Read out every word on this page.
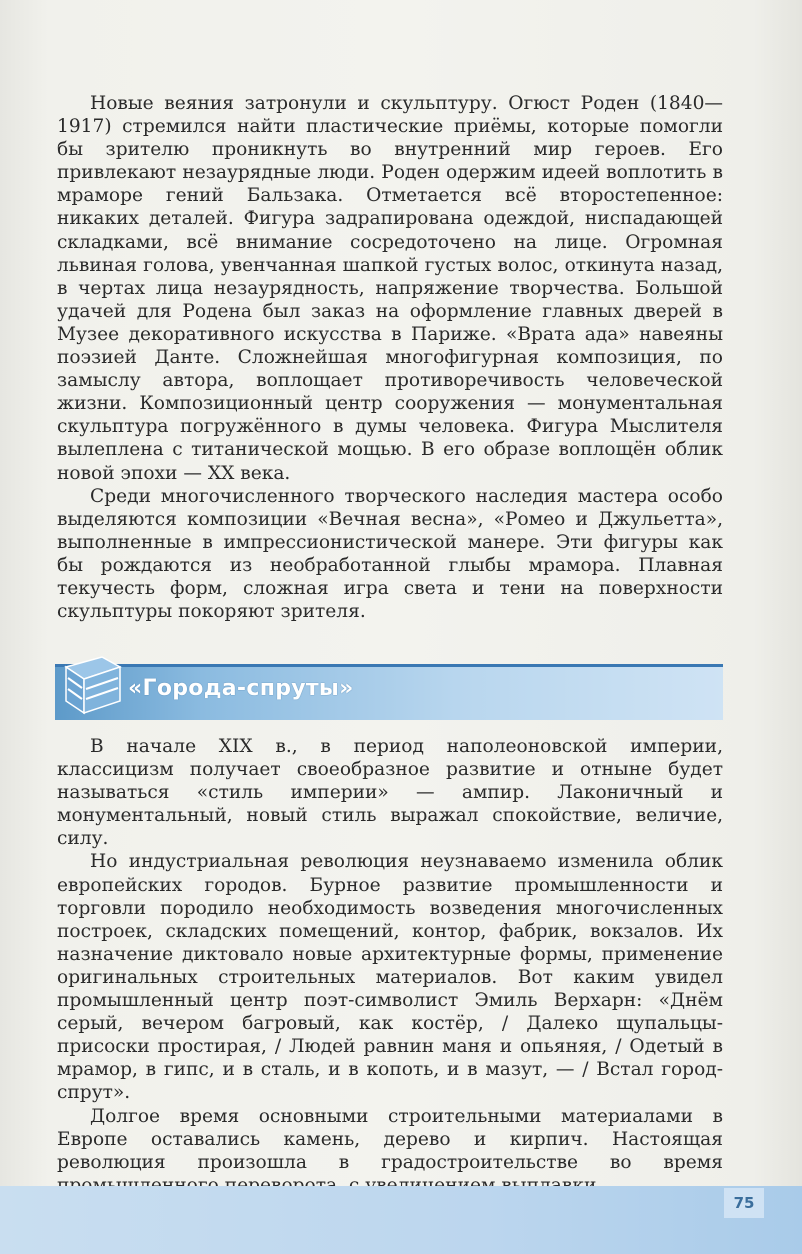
Новые веяния затронули и скульптуру. Огюст Роден (1840—1917) стремился найти пластические приёмы, которые помогли бы зрителю проникнуть во внутренний мир героев. Его привлекают незаурядные люди. Роден одержим идеей воплотить в мраморе гений Бальзака. Отметается всё второстепенное: никаких деталей. Фигура задрапирована одеждой, ниспадающей складками, всё внимание сосредоточено на лице. Огромная львиная голова, увенчанная шапкой густых волос, откинута назад, в чертах лица незаурядность, напряжение творчества. Большой удачей для Родена был заказ на оформление главных дверей в Музее декоративного искусства в Париже. «Врата ада» навеяны поэзией Данте. Сложнейшая многофигурная композиция, по замыслу автора, воплощает противоречивость человеческой жизни. Композиционный центр сооружения — монументальная скульптура погружённого в думы человека. Фигура Мыслителя вылеплена с титанической мощью. В его образе воплощён облик новой эпохи — XX века.

Среди многочисленного творческого наследия мастера особо выделяются композиции «Вечная весна», «Ромео и Джульетта», выполненные в импрессионистической манере. Эти фигуры как бы рождаются из необработанной глыбы мрамора. Плавная текучесть форм, сложная игра света и тени на поверхности скульптуры покоряют зрителя.

«Города-спруты»

В начале XIX в., в период наполеоновской империи, классицизм получает своеобразное развитие и отныне будет называться «стиль империи» — ампир. Лаконичный и монументальный, новый стиль выражал спокойствие, величие, силу.

Но индустриальная революция неузнаваемо изменила облик европейских городов. Бурное развитие промышленности и торговли породило необходимость возведения многочисленных построек, складских помещений, контор, фабрик, вокзалов. Их назначение диктовало новые архитектурные формы, применение оригинальных строительных материалов. Вот каким увидел промышленный центр поэт-символист Эмиль Верхарн: «Днём серый, вечером багровый, как костёр, / Далеко щупальцы-присоски простирая, / Людей равнин маня и опьяняя, / Одетый в мрамор, в гипс, и в сталь, и в копоть, и в мазут, — / Встал город-спрут».

Долгое время основными строительными материалами в Европе оставались камень, дерево и кирпич. Настоящая революция произошла в градостроительстве во время

75
